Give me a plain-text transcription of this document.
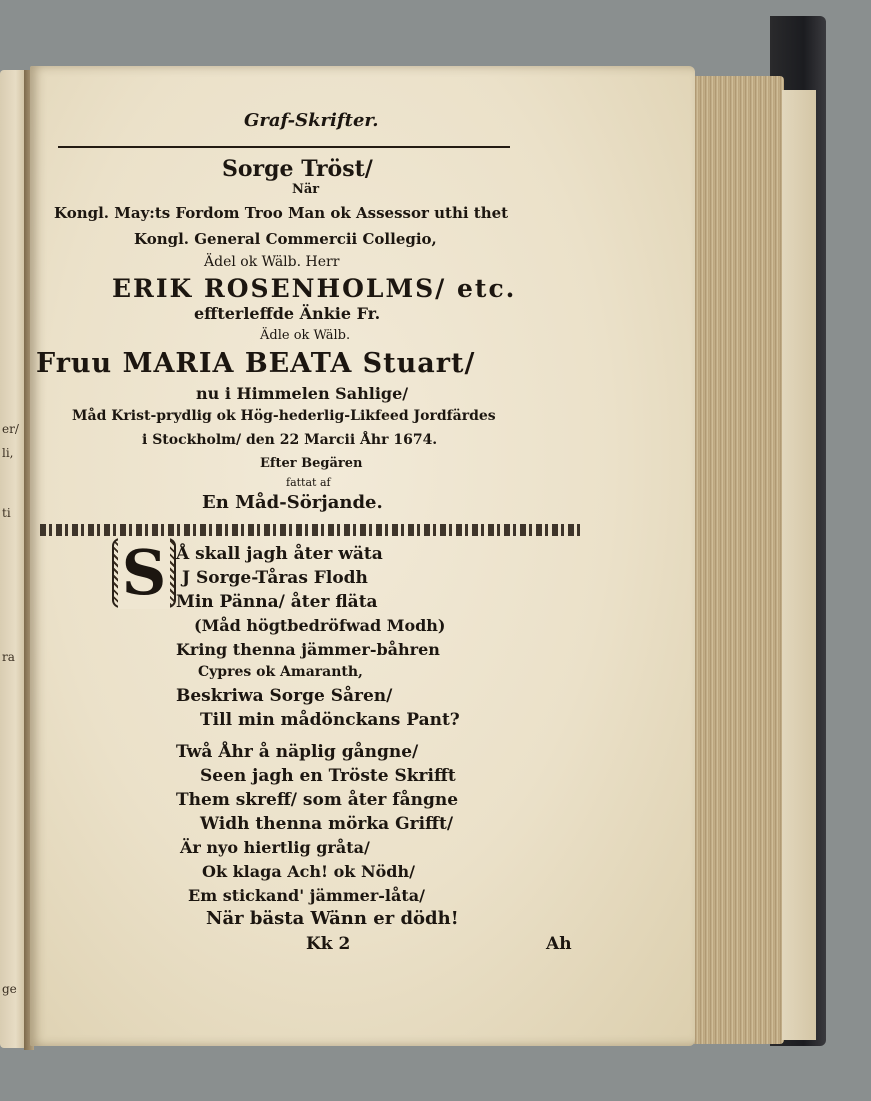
er/
li,
ti
ra
ge
Graf-Skrifter.
Sorge Tröst/
När
Kongl. May:ts Fordom Troo Man ok Assessor uthi thet
Kongl. General Commercii Collegio,
Ädel ok Wälb. Herr
ERIK ROSENHOLMS/ etc.
effterleffde Änkie Fr.
Ädle ok Wälb.
Fruu MARIA BEATA Stuart/
nu i Himmelen Sahlige/
Måd Krist-prydlig ok Hög-hederlig-Likfeed Jordfärdes
i Stockholm/ den 22 Marcii Åhr 1674.
Efter Begären
fattat af
En Måd-Sörjande.
S Å skall jagh åter wäta
J Sorge-Tåras Flodh
Min Pänna/ åter fläta
(Måd högtbedröfwad Modh)
Kring thenna jämmer-båhren
Cypres ok Amaranth,
Beskriwa Sorge Såren/
Till min mådönckans Pant?
Twå Åhr å näplig gångne/
Seen jagh en Tröste Skrifft
Them skreff/ som åter fångne
Widh thenna mörka Grifft/
Är nyo hiertlig gråta/
Ok klaga Ach! ok Nödh/
Em stickand' jämmer-låta/
När bästa Wänn er dödh!
Kk 2	Ah
